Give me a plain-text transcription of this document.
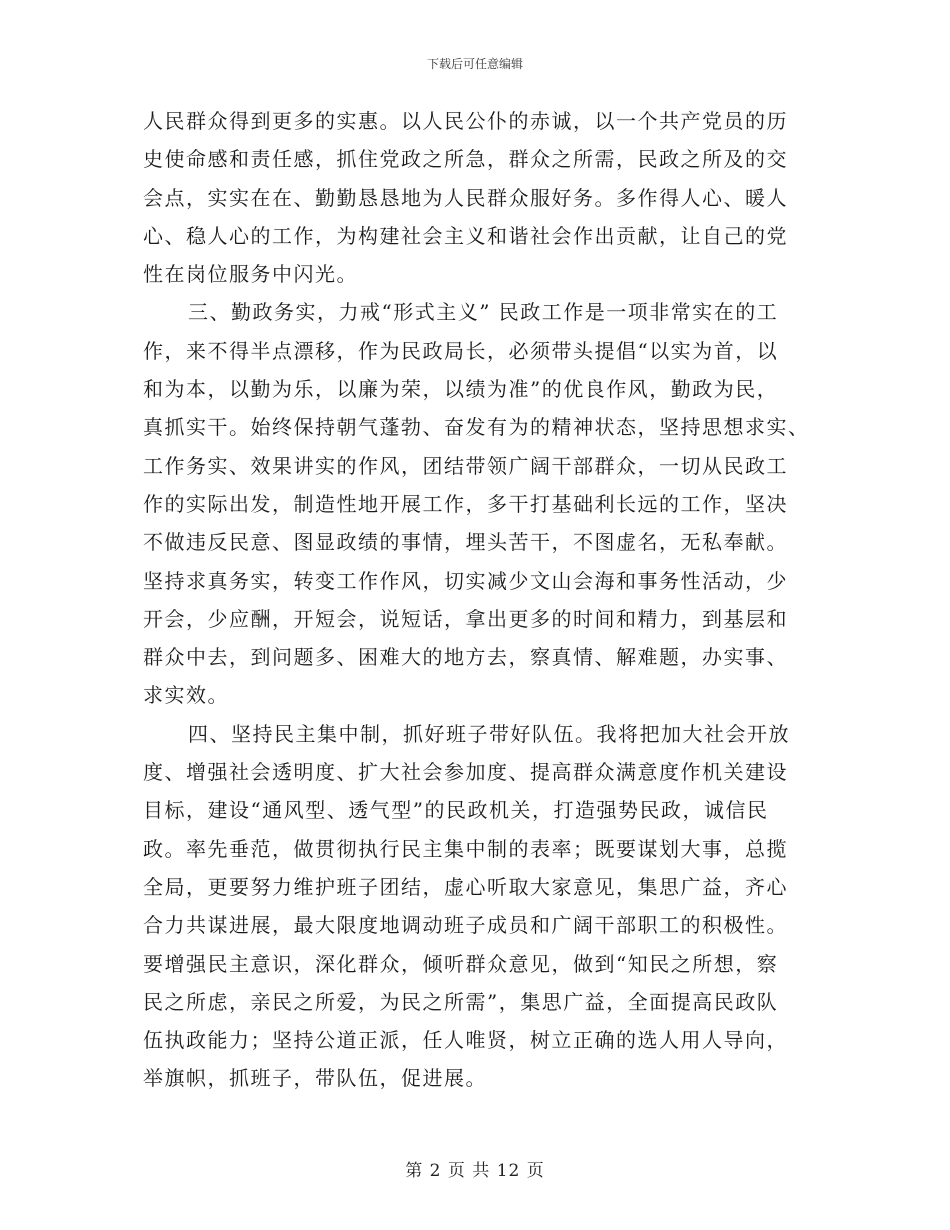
下载后可任意编辑
人民群众得到更多的实惠。以人民公仆的赤诚，以一个共产党员的历
史使命感和责任感，抓住党政之所急，群众之所需，民政之所及的交
会点，实实在在、勤勤恳恳地为人民群众服好务。多作得人心、暖人
心、稳人心的工作，为构建社会主义和谐社会作出贡献，让自己的党
性在岗位服务中闪光。
三、勤政务实，力戒“形式主义” 民政工作是一项非常实在的工
作，来不得半点漂移，作为民政局长，必须带头提倡“以实为首，以
和为本，以勤为乐，以廉为荣，以绩为准”的优良作风，勤政为民，
真抓实干。始终保持朝气蓬勃、奋发有为的精神状态，坚持思想求实、
工作务实、效果讲实的作风，团结带领广阔干部群众，一切从民政工
作的实际出发，制造性地开展工作，多干打基础利长远的工作，坚决
不做违反民意、图显政绩的事情，埋头苦干，不图虚名，无私奉献。
坚持求真务实，转变工作作风，切实减少文山会海和事务性活动，少
开会，少应酬，开短会，说短话，拿出更多的时间和精力，到基层和
群众中去，到问题多、困难大的地方去，察真情、解难题，办实事、
求实效。
四、坚持民主集中制，抓好班子带好队伍。我将把加大社会开放
度、增强社会透明度、扩大社会参加度、提高群众满意度作机关建设
目标，建设“通风型、透气型”的民政机关，打造强势民政，诚信民
政。率先垂范，做贯彻执行民主集中制的表率；既要谋划大事，总揽
全局，更要努力维护班子团结，虚心听取大家意见，集思广益，齐心
合力共谋进展，最大限度地调动班子成员和广阔干部职工的积极性。
要增强民主意识，深化群众，倾听群众意见，做到“知民之所想，察
民之所虑，亲民之所爱，为民之所需”，集思广益，全面提高民政队
伍执政能力；坚持公道正派，任人唯贤，树立正确的选人用人导向，
举旗帜，抓班子，带队伍，促进展。
第 2 页 共 12 页
